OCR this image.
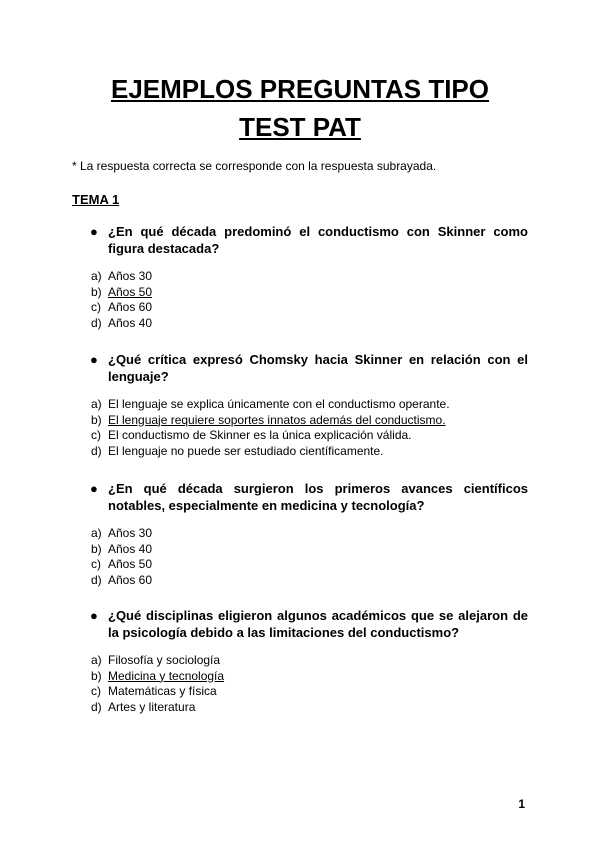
EJEMPLOS PREGUNTAS TIPO
TEST PAT
* La respuesta correcta se corresponde con la respuesta subrayada.
TEMA 1
● ¿En qué década predominó el conductismo con Skinner como figura destacada?
a) Años 30
b) Años 50
c) Años 60
d) Años 40
● ¿Qué crítica expresó Chomsky hacia Skinner en relación con el lenguaje?
a) El lenguaje se explica únicamente con el conductismo operante.
b) El lenguaje requiere soportes innatos además del conductismo.
c) El conductismo de Skinner es la única explicación válida.
d) El lenguaje no puede ser estudiado científicamente.
● ¿En qué década surgieron los primeros avances científicos notables, especialmente en medicina y tecnología?
a) Años 30
b) Años 40
c) Años 50
d) Años 60
● ¿Qué disciplinas eligieron algunos académicos que se alejaron de la psicología debido a las limitaciones del conductismo?
a) Filosofía y sociología
b) Medicina y tecnología
c) Matemáticas y física
d) Artes y literatura
1
